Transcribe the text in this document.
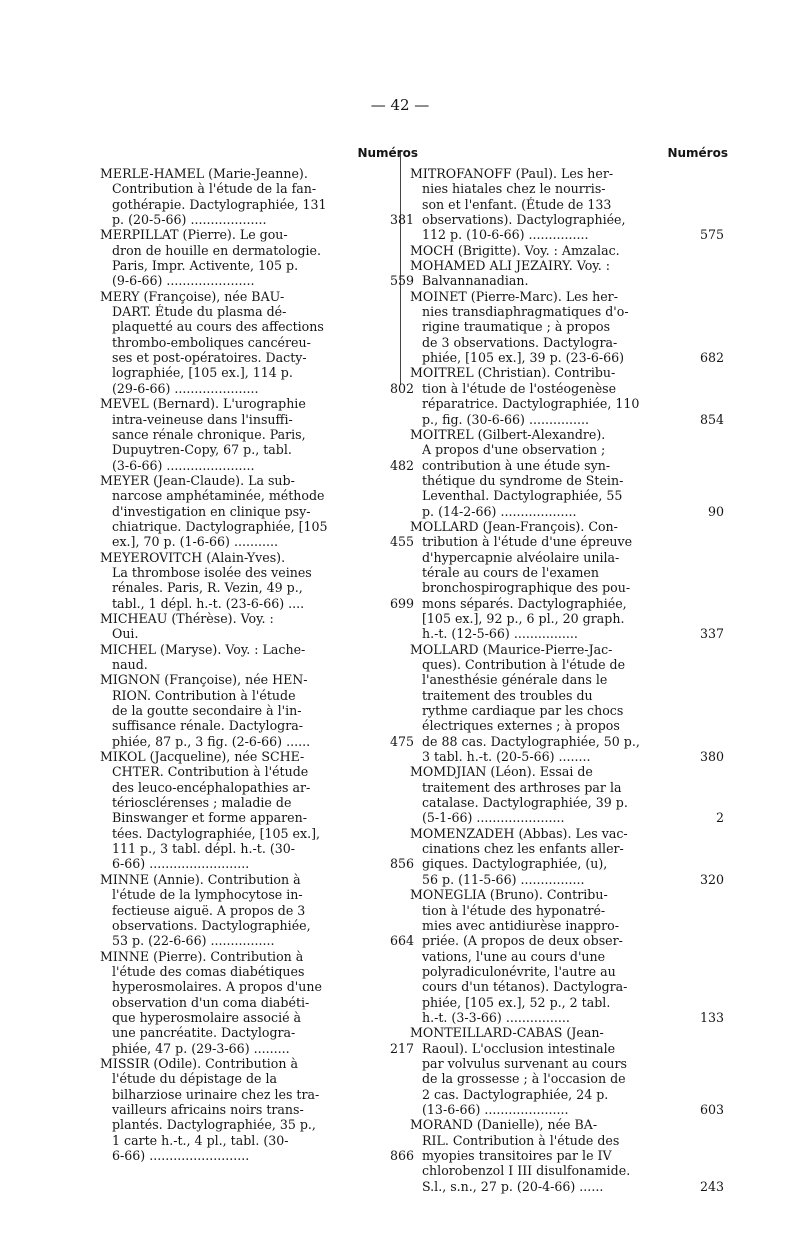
— 42 —
Numéros
MERLE-HAMEL (Marie-Jeanne).
Contribution à l'étude de la fan-
gothérapie. Dactylographiée, 131
p. (20-5-66) ...................	381
MERPILLAT (Pierre). Le gou-
dron de houille en dermatologie.
Paris, Impr. Activente, 105 p.
(9-6-66) ......................	559
MERY (Françoise), née BAU-
DART. Étude du plasma dé-
plaquetté au cours des affections
thrombo-emboliques cancéreu-
ses et post-opératoires. Dacty-
lographiée, [105 ex.], 114 p.
(29-6-66) .....................	802
MEVEL (Bernard). L'urographie
intra-veineuse dans l'insuffi-
sance rénale chronique. Paris,
Dupuytren-Copy, 67 p., tabl.
(3-6-66) ......................	482
MEYER (Jean-Claude). La sub-
narcose amphétaminée, méthode
d'investigation en clinique psy-
chiatrique. Dactylographiée, [105
ex.], 70 p. (1-6-66) ...........	455
MEYEROVITCH (Alain-Yves).
La thrombose isolée des veines
rénales. Paris, R. Vezin, 49 p.,
tabl., 1 dépl. h.-t. (23-6-66) ....	699
MICHEAU (Thérèse). Voy. :
Oui.
MICHEL (Maryse). Voy. : Lache-
naud.
MIGNON (Françoise), née HEN-
RION. Contribution à l'étude
de la goutte secondaire à l'in-
suffisance rénale. Dactylogra-
phiée, 87 p., 3 fig. (2-6-66) ......	475
MIKOL (Jacqueline), née SCHE-
CHTER. Contribution à l'étude
des leuco-encéphalopathies ar-
tériosclérenses ; maladie de
Binswanger et forme apparen-
tées. Dactylographiée, [105 ex.],
111 p., 3 tabl. dépl. h.-t. (30-
6-66) .........................	856
MINNE (Annie). Contribution à
l'étude de la lymphocytose in-
fectieuse aiguë. A propos de 3
observations. Dactylographiée,
53 p. (22-6-66) ................	664
MINNE (Pierre). Contribution à
l'étude des comas diabétiques
hyperosmolaires. A propos d'une
observation d'un coma diabéti-
que hyperosmolaire associé à
une pancréatite. Dactylogra-
phiée, 47 p. (29-3-66) .........	217
MISSIR (Odile). Contribution à
l'étude du dépistage de la
bilharziose urinaire chez les tra-
vailleurs africains noirs trans-
plantés. Dactylographiée, 35 p.,
1 carte h.-t., 4 pl., tabl. (30-
6-66) .........................	866
Numéros
MITROFANOFF (Paul). Les her-
nies hiatales chez le nourris-
son et l'enfant. (Étude de 133
observations). Dactylographiée,
112 p. (10-6-66) ...............	575
MOCH (Brigitte). Voy. : Amzalac.
MOHAMED ALI JEZAIRY. Voy. :
Balvannanadian.
MOINET (Pierre-Marc). Les her-
nies transdiaphragmatiques d'o-
rigine traumatique ; à propos
de 3 observations. Dactylogra-
phiée, [105 ex.], 39 p. (23-6-66)	682
MOITREL (Christian). Contribu-
tion à l'étude de l'ostéogenèse
réparatrice. Dactylographiée, 110
p., fig. (30-6-66) ...............	854
MOITREL (Gilbert-Alexandre).
A propos d'une observation ;
contribution à une étude syn-
thétique du syndrome de Stein-
Leventhal. Dactylographiée, 55
p. (14-2-66) ...................	90
MOLLARD (Jean-François). Con-
tribution à l'étude d'une épreuve
d'hypercapnie alvéolaire unila-
térale au cours de l'examen
bronchospirographique des pou-
mons séparés. Dactylographiée,
[105 ex.], 92 p., 6 pl., 20 graph.
h.-t. (12-5-66) ................	337
MOLLARD (Maurice-Pierre-Jac-
ques). Contribution à l'étude de
l'anesthésie générale dans le
traitement des troubles du
rythme cardiaque par les chocs
électriques externes ; à propos
de 88 cas. Dactylographiée, 50 p.,
3 tabl. h.-t. (20-5-66) ........	380
MOMDJIAN (Léon). Essai de
traitement des arthroses par la
catalase. Dactylographiée, 39 p.
(5-1-66) ......................	2
MOMENZADEH (Abbas). Les vac-
cinations chez les enfants aller-
giques. Dactylographiée, (u),
56 p. (11-5-66) ................	320
MONEGLIA (Bruno). Contribu-
tion à l'étude des hyponatré-
mies avec antidiurèse inappro-
priée. (A propos de deux obser-
vations, l'une au cours d'une
polyradiculonévrite, l'autre au
cours d'un tétanos). Dactylogra-
phiée, [105 ex.], 52 p., 2 tabl.
h.-t. (3-3-66) ................	133
MONTEILLARD-CABAS (Jean-
Raoul). L'occlusion intestinale
par volvulus survenant au cours
de la grossesse ; à l'occasion de
2 cas. Dactylographiée, 24 p.
(13-6-66) .....................	603
MORAND (Danielle), née BA-
RIL. Contribution à l'étude des
myopies transitoires par le IV
chlorobenzol I III disulfonamide.
S.l., s.n., 27 p. (20-4-66) ......	243
